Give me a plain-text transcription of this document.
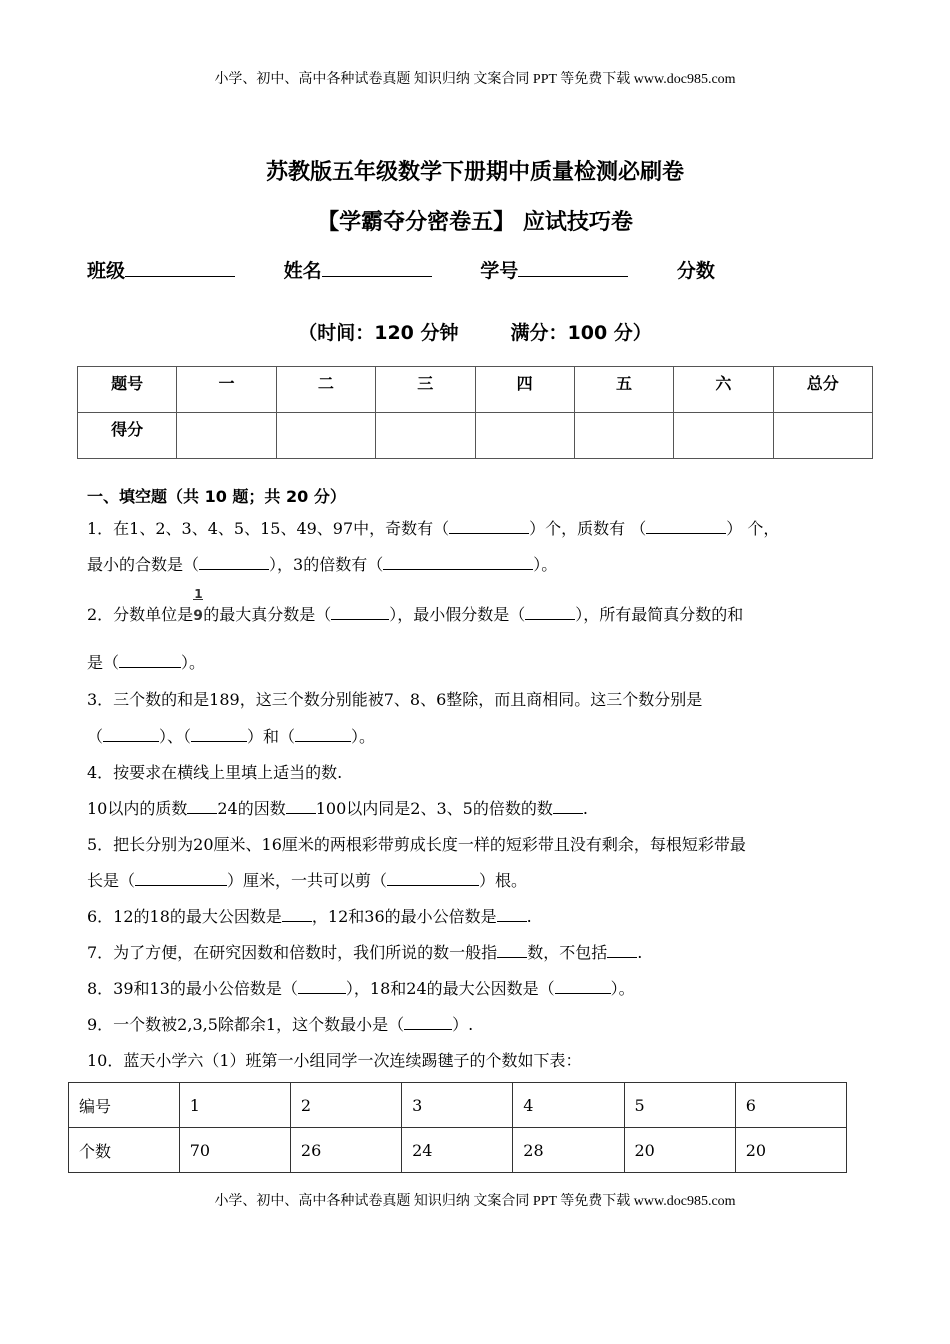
小学、初中、高中各种试卷真题 知识归纳 文案合同 PPT 等免费下载 www.doc985.com
苏教版五年级数学下册期中质量检测必刷卷
【学霸夺分密卷五】 应试技巧卷
班级	姓名	学号	分数
（时间：120 分钟	满分：100 分）
题号	一	二	三	四	五	六	总分
得分							
一、填空题（共 10 题；共 20 分）
1．在1、2、3、4、5、15、49、97中，奇数有（	）个，质数有 （	） 个，
最小的合数是（	），3的倍数有（	）。
2．分数单位是 $\frac{1}{9}$的最大真分数是（	），最小假分数是（	），所有最简真分数的和
是（	）。
3．三个数的和是189，这三个数分别能被7、8、6整除，而且商相同。这三个数分别是
（	）、（	）和（	）。
4．按要求在横线上里填上适当的数.
10以内的质数 24的因数 100以内同是2、3、5的倍数的数 .
5．把长分别为20厘米、16厘米的两根彩带剪成长度一样的短彩带且没有剩余，每根短彩带最
长是（	）厘米，一共可以剪（	）根。
6．12的18的最大公因数是 ，12和36的最小公倍数是 .
7．为了方便，在研究因数和倍数时，我们所说的数一般指 数，不包括 .
8．39和13的最小公倍数是（	），18和24的最大公因数是（	）。
9．一个数被2,3,5除都余1，这个数最小是（	）.
10．蓝天小学六（1）班第一小组同学一次连续踢毽子的个数如下表：
编号	1	2	3	4	5	6
个数	70	26	24	28	20	20
小学、初中、高中各种试卷真题 知识归纳 文案合同 PPT 等免费下载 www.doc985.com
